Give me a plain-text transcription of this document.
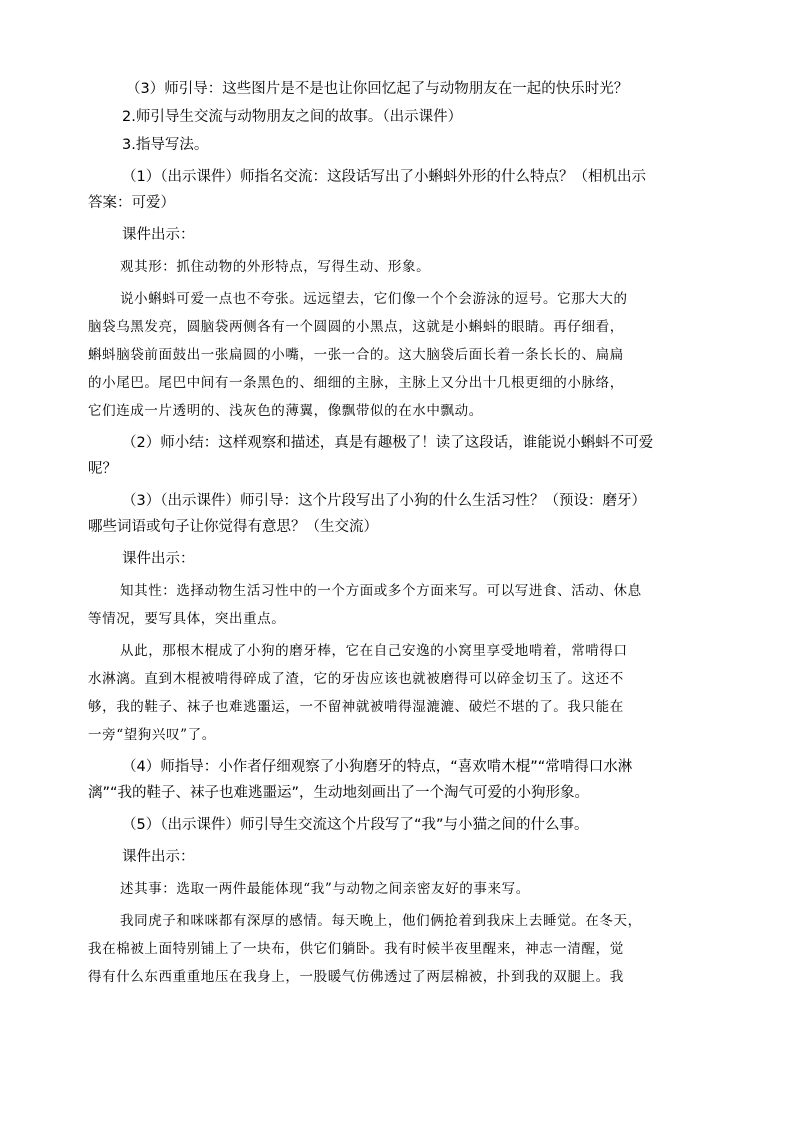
（3）师引导：这些图片是不是也让你回忆起了与动物朋友在一起的快乐时光？
2.师引导生交流与动物朋友之间的故事。（出示课件）
3.指导写法。
（1）（出示课件）师指名交流：这段话写出了小蝌蚪外形的什么特点？（相机出示
答案：可爱）
课件出示：
观其形：抓住动物的外形特点，写得生动、形象。
说小蝌蚪可爱一点也不夸张。远远望去，它们像一个个会游泳的逗号。它那大大的
脑袋乌黑发亮，圆脑袋两侧各有一个圆圆的小黑点，这就是小蝌蚪的眼睛。再仔细看，
蝌蚪脑袋前面鼓出一张扁圆的小嘴，一张一合的。这大脑袋后面长着一条长长的、扁扁
的小尾巴。尾巴中间有一条黑色的、细细的主脉，主脉上又分出十几根更细的小脉络，
它们连成一片透明的、浅灰色的薄翼，像飘带似的在水中飘动。
（2）师小结：这样观察和描述，真是有趣极了！读了这段话，谁能说小蝌蚪不可爱
呢？
（3）（出示课件）师引导：这个片段写出了小狗的什么生活习性？（预设：磨牙）
哪些词语或句子让你觉得有意思？（生交流）
课件出示：
知其性：选择动物生活习性中的一个方面或多个方面来写。可以写进食、活动、休息
等情况，要写具体，突出重点。
从此，那根木棍成了小狗的磨牙棒，它在自己安逸的小窝里享受地啃着，常啃得口
水淋漓。直到木棍被啃得碎成了渣，它的牙齿应该也就被磨得可以碎金切玉了。这还不
够，我的鞋子、袜子也难逃噩运，一不留神就被啃得湿漉漉、破烂不堪的了。我只能在
一旁“望狗兴叹”了。
（4）师指导：小作者仔细观察了小狗磨牙的特点，“喜欢啃木棍”“常啃得口水淋
漓”“我的鞋子、袜子也难逃噩运”，生动地刻画出了一个淘气可爱的小狗形象。
（5）（出示课件）师引导生交流这个片段写了“我”与小猫之间的什么事。
课件出示：
述其事：选取一两件最能体现“我”与动物之间亲密友好的事来写。
我同虎子和咪咪都有深厚的感情。每天晚上，他们俩抢着到我床上去睡觉。在冬天，
我在棉被上面特别铺上了一块布，供它们躺卧。我有时候半夜里醒来，神志一清醒，觉
得有什么东西重重地压在我身上，一股暖气仿佛透过了两层棉被，扑到我的双腿上。我
